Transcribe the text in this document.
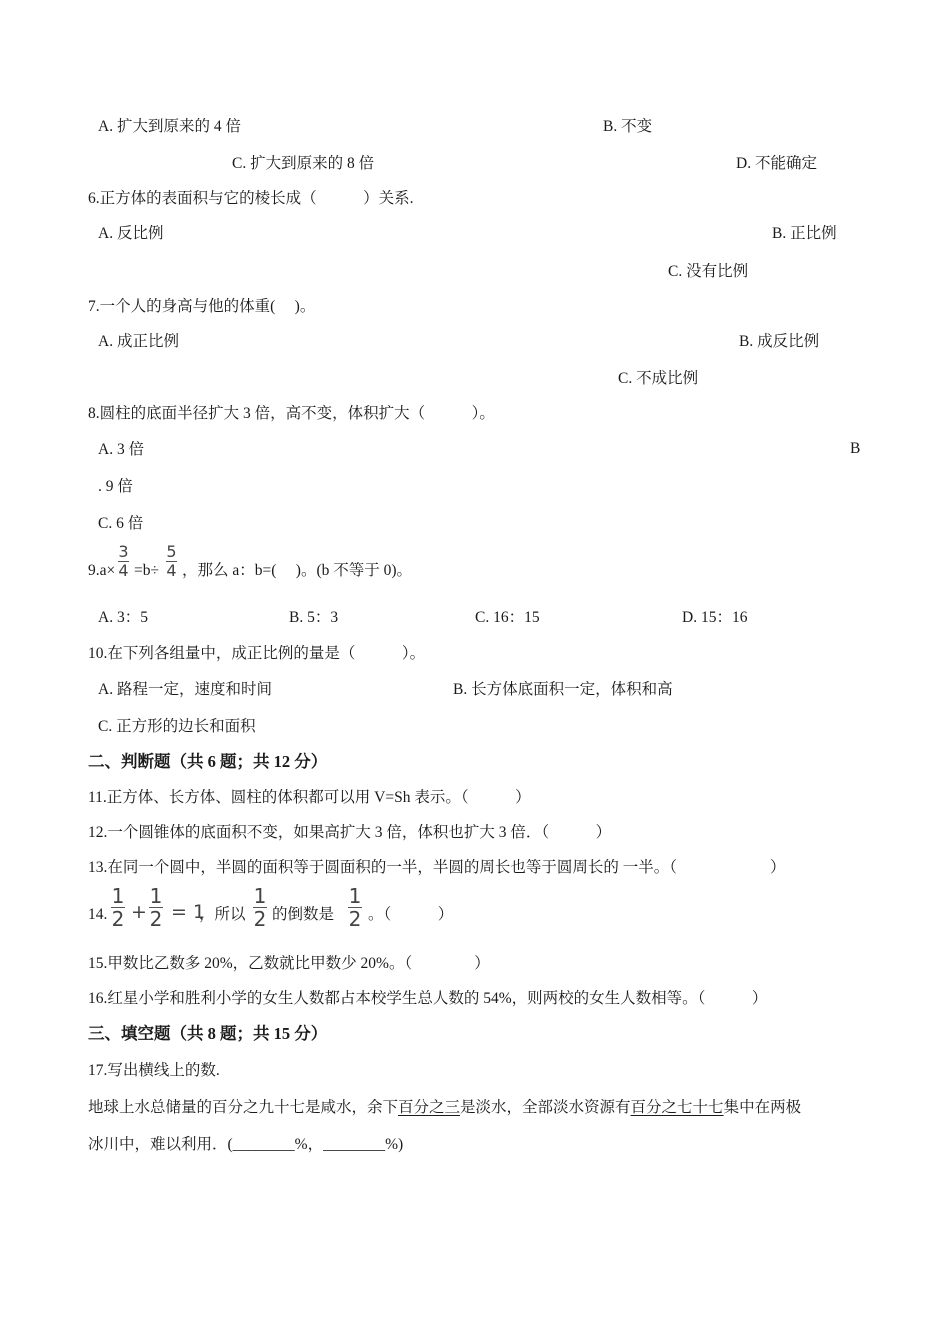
A. 扩大到原来的 4 倍	B. 不变
C. 扩大到原来的 8 倍	D. 不能确定
6.正方体的表面积与它的棱长成（　　　）关系.
A. 反比例	B. 正比例
C. 没有比例
7.一个人的身高与他的体重(　 )。
A. 成正比例	B. 成反比例
C. 不成比例
8.圆柱的底面半径扩大 3 倍，高不变，体积扩大（　　　）。
A. 3 倍	B
. 9 倍
C. 6 倍
9.a×
3
4 =b÷
5
4 ，那么 a：b=(　 )。(b 不等于 0)。
A. 3：5	B. 5：3	C. 16：15	D. 15：16
10.在下列各组量中，成正比例的量是（　　　）。
A. 路程一定，速度和时间	B. 长方体底面积一定，体积和高
C. 正方形的边长和面积
二、判断题（共 6 题；共 12 分）
11.正方体、长方体、圆柱的体积都可以用 V=Sh 表示。（　　　）
12.一个圆锥体的底面积不变，如果高扩大 3 倍，体积也扩大 3 倍．（　　　）
13.在同一个圆中，半圆的面积等于圆面积的一半，半圆的周长也等于圆周长的 一半。（　　　　　　）
14.
1
2 +
1
2 = 1
，所以
1
2 的倒数是
1
2 。（　　　）
15.甲数比乙数多 20%，乙数就比甲数少 20%。（　　　　）
16.红星小学和胜利小学的女生人数都占本校学生总人数的 54%，则两校的女生人数相等。（　　　）
三、填空题（共 8 题；共 15 分）
17.写出横线上的数.
地球上水总储量的百分之九十七是咸水，余下百分之三是淡水，全部淡水资源有百分之七十七集中在两极
冰川中，难以利用．(________%，________%)
